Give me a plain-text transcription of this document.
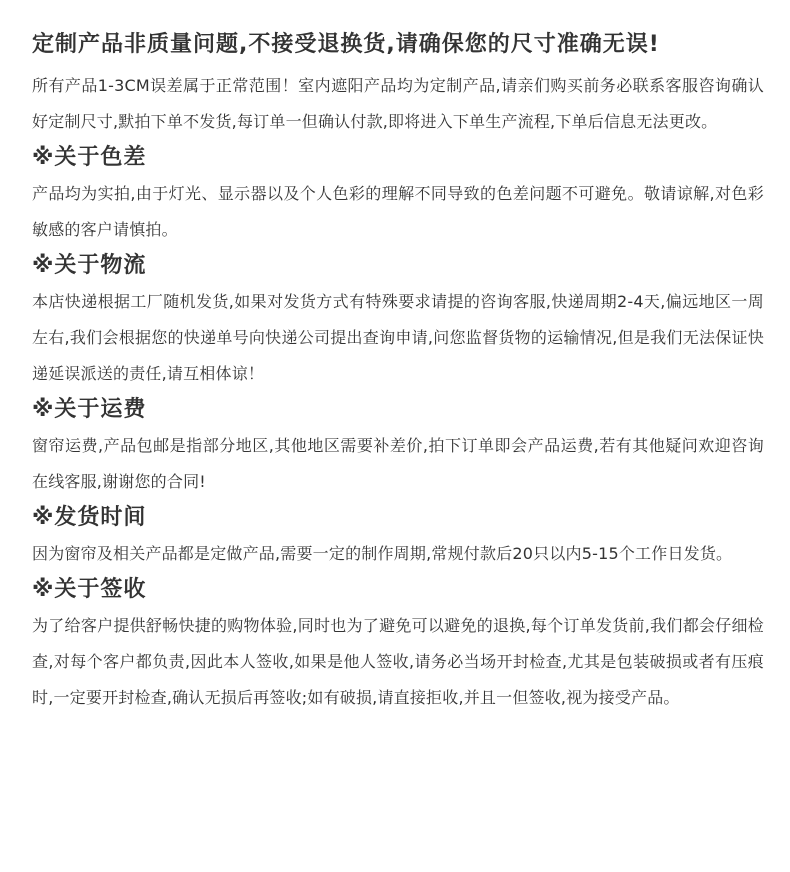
定制产品非质量问题,不接受退换货,请确保您的尺寸准确无误!

所有产品1-3CM误差属于正常范围！室内遮阳产品均为定制产品,请亲们购买前务必联系客服咨询确认好定制尺寸,默拍下单不发货,每订单一但确认付款,即将进入下单生产流程,下单后信息无法更改。

※关于色差

产品均为实拍,由于灯光、显示器以及个人色彩的理解不同导致的色差问题不可避免。敬请谅解,对色彩敏感的客户请慎拍。

※关于物流

本店快递根据工厂随机发货,如果对发货方式有特殊要求请提的咨询客服,快递周期2-4天,偏远地区一周左右,我们会根据您的快递单号向快递公司提出查询申请,问您监督货物的运输情况,但是我们无法保证快递延误派送的责任,请互相体谅！

※关于运费

窗帘运费,产品包邮是指部分地区,其他地区需要补差价,拍下订单即会产品运费,若有其他疑问欢迎咨询在线客服,谢谢您的合同!

※发货时间

因为窗帘及相关产品都是定做产品,需要一定的制作周期,常规付款后20只以内5-15个工作日发货。

※关于签收

为了给客户提供舒畅快捷的购物体验,同时也为了避免可以避免的退换,每个订单发货前,我们都会仔细检查,对每个客户都负责,因此本人签收,如果是他人签收,请务必当场开封检查,尤其是包装破损或者有压痕时,一定要开封检查,确认无损后再签收;如有破损,请直接拒收,并且一但签收,视为接受产品。
